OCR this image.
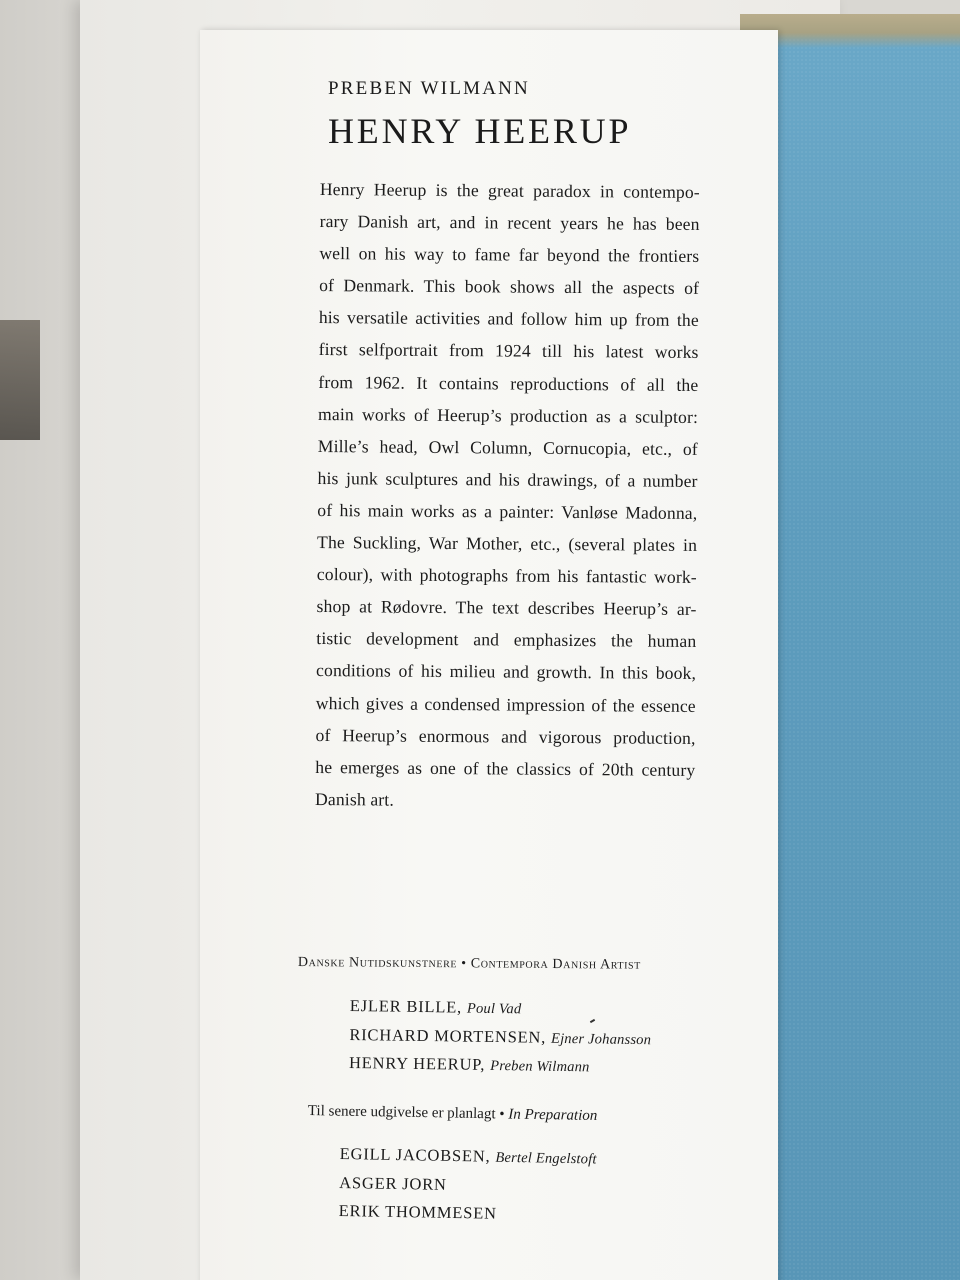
PREBEN WILMANN
HENRY HEERUP
Henry Heerup is the great paradox in contempo-
rary Danish art, and in recent years he has been
well on his way to fame far beyond the frontiers
of Denmark. This book shows all the aspects of
his versatile activities and follow him up from the
first selfportrait from 1924 till his latest works
from 1962. It contains reproductions of all the
main works of Heerup’s production as a sculptor:
Mille’s head, Owl Column, Cornucopia, etc., of
his junk sculptures and his drawings, of a number
of his main works as a painter: Vanløse Madonna,
The Suckling, War Mother, etc., (several plates in
colour), with photographs from his fantastic work-
shop at Rødovre. The text describes Heerup’s ar-
tistic development and emphasizes the human
conditions of his milieu and growth. In this book,
which gives a condensed impression of the essence
of Heerup’s enormous and vigorous production,
he emerges as one of the classics of 20th century
Danish art.

Danske Nutidskunstnere • Contempora Danish Artist

EJLER BILLE, Poul Vad
RICHARD MORTENSEN, Ejner Johansson
HENRY HEERUP, Preben Wilmann
Til senere udgivelse er planlagt • In Preparation
EGILL JACOBSEN, Bertel Engelstoft
ASGER JORN
ERIK THOMMESEN
